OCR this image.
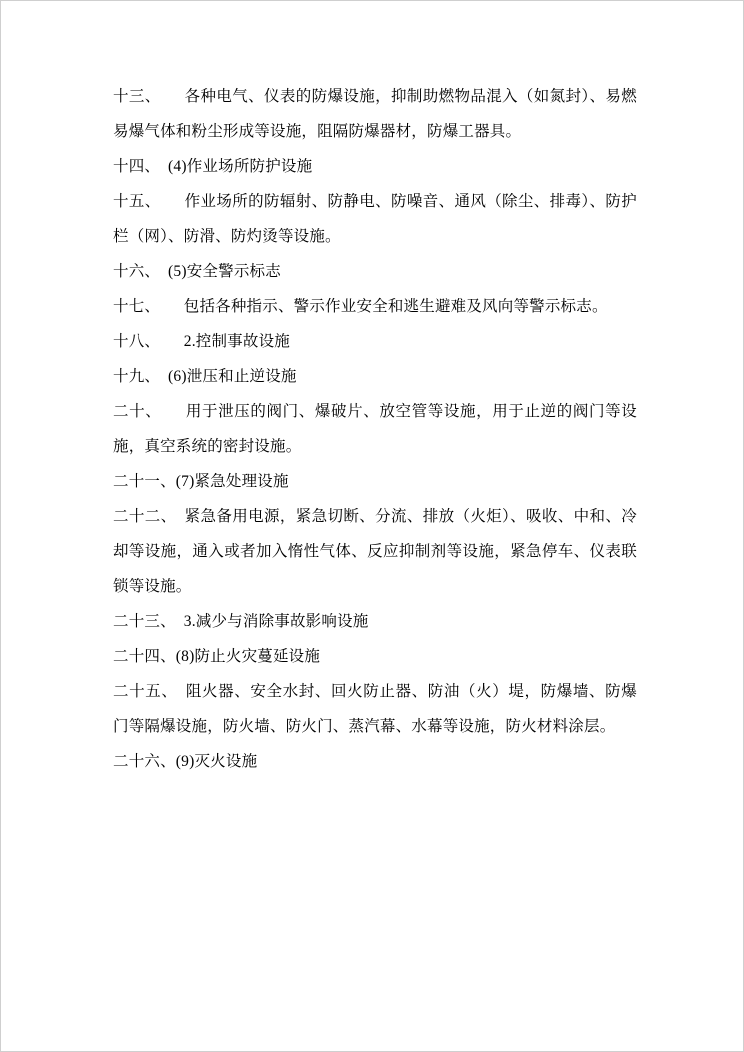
十三、　　各种电气、仪表的防爆设施，抑制助燃物品混入（如氮封）、易燃易爆气体和粉尘形成等设施，阻隔防爆器材，防爆工器具。

十四、　(4)作业场所防护设施

十五、　　作业场所的防辐射、防静电、防噪音、通风（除尘、排毒）、防护栏（网）、防滑、防灼烫等设施。

十六、　(5)安全警示标志

十七、　　包括各种指示、警示作业安全和逃生避难及风向等警示标志。

十八、　　2.控制事故设施

十九、　(6)泄压和止逆设施

二十、　　用于泄压的阀门、爆破片、放空管等设施，用于止逆的阀门等设施，真空系统的密封设施。

二十一、(7)紧急处理设施

二十二、　紧急备用电源，紧急切断、分流、排放（火炬）、吸收、中和、冷却等设施，通入或者加入惰性气体、反应抑制剂等设施，紧急停车、仪表联锁等设施。

二十三、　3.减少与消除事故影响设施

二十四、(8)防止火灾蔓延设施

二十五、　阻火器、安全水封、回火防止器、防油（火）堤，防爆墙、防爆门等隔爆设施，防火墙、防火门、蒸汽幕、水幕等设施，防火材料涂层。

二十六、(9)灭火设施
